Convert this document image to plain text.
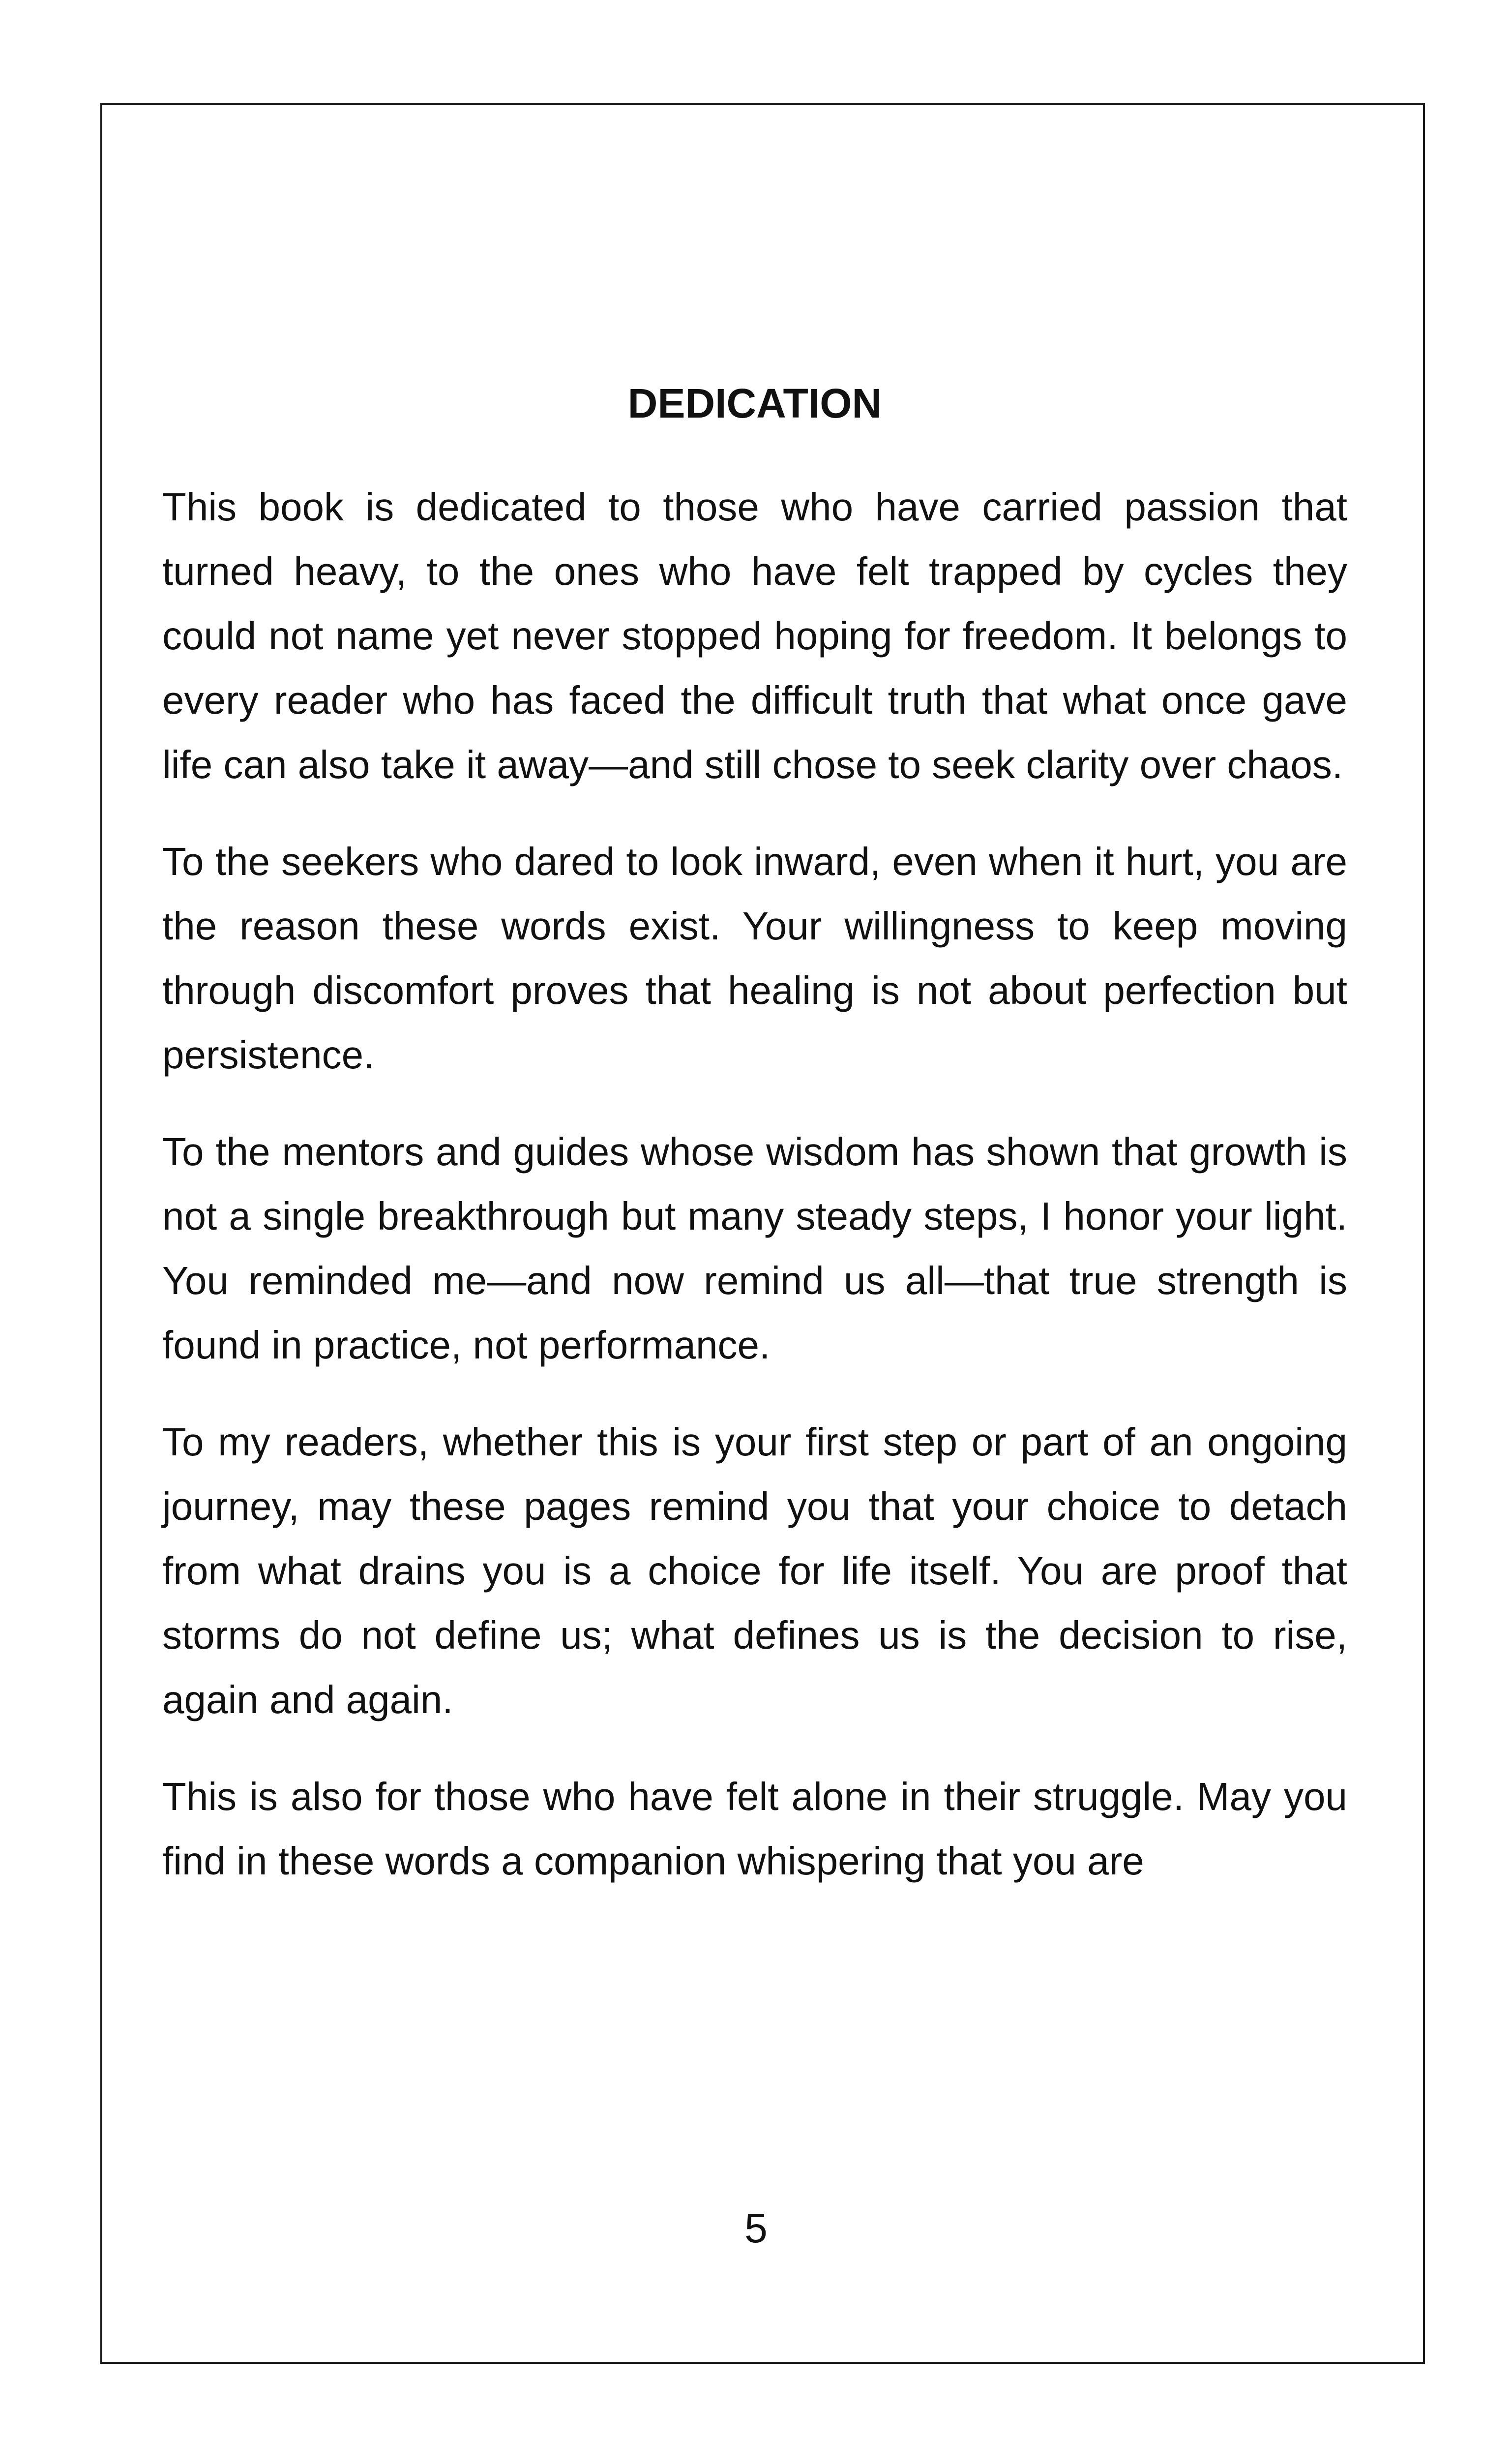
DEDICATION

This book is dedicated to those who have carried passion that turned heavy, to the ones who have felt trapped by cycles they could not name yet never stopped hoping for freedom. It belongs to every reader who has faced the difficult truth that what once gave life can also take it away—and still chose to seek clarity over chaos.

To the seekers who dared to look inward, even when it hurt, you are the reason these words exist. Your willingness to keep moving through discomfort proves that healing is not about perfection but persistence.

To the mentors and guides whose wisdom has shown that growth is not a single breakthrough but many steady steps, I honor your light. You reminded me—and now remind us all—that true strength is found in practice, not performance.

To my readers, whether this is your first step or part of an ongoing journey, may these pages remind you that your choice to detach from what drains you is a choice for life itself. You are proof that storms do not define us; what defines us is the decision to rise, again and again.

This is also for those who have felt alone in their struggle. May you find in these words a companion whispering that you are

5
